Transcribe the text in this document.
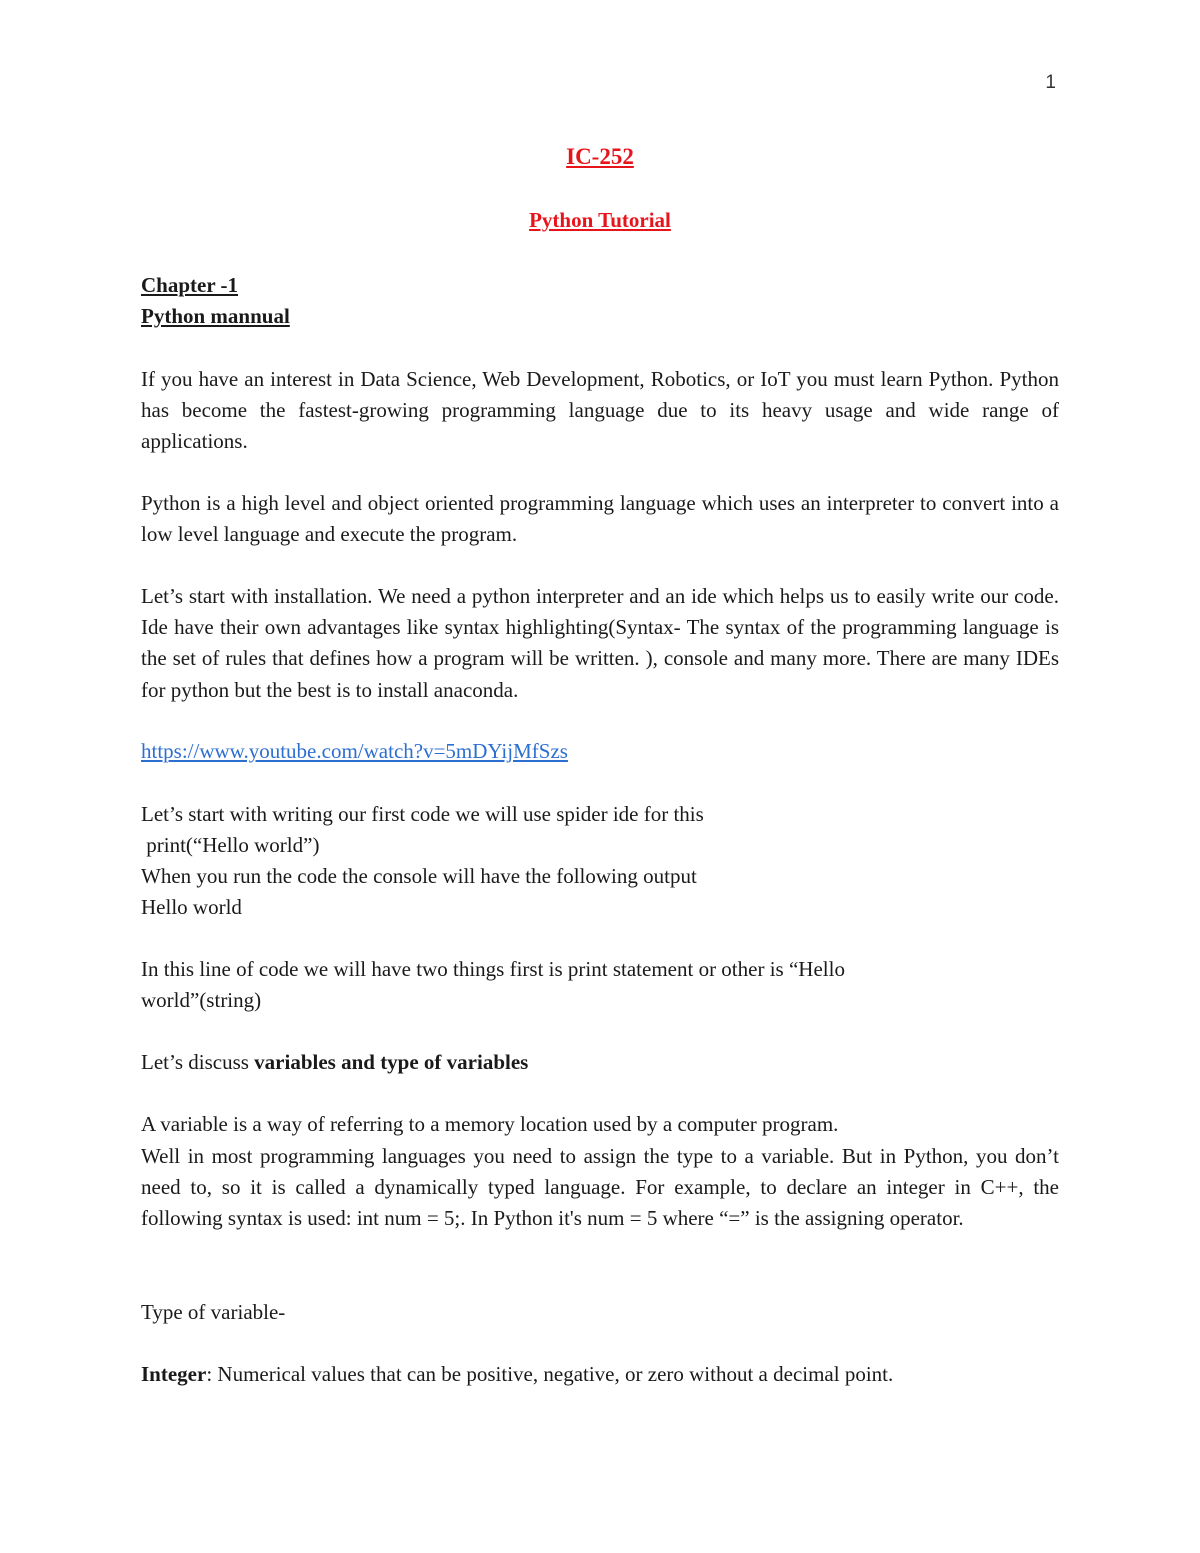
1
IC-252
Python Tutorial
Chapter -1
Python mannual
If you have an interest in Data Science, Web Development, Robotics, or IoT you must learn Python. Python has become the fastest-growing programming language due to its heavy usage and wide range of applications.
Python is a high level and object oriented programming language which uses an interpreter to convert into a low level language and execute the program.
Let’s start with installation. We need a python interpreter and an ide which helps us to easily write our code. Ide have their own advantages like syntax highlighting(Syntax- The syntax of the programming language is the set of rules that defines how a program will be written. ), console and many more. There are many IDEs for python but the best is to install anaconda.
https://www.youtube.com/watch?v=5mDYijMfSzs
Let’s start with writing our first code we will use spider ide for this
print(“Hello world”)
When you run the code the console will have the following output
Hello world
In this line of code we will have two things first is print statement or other is “Hello
world”(string)
Let’s discuss variables and type of variables
A variable is a way of referring to a memory location used by a computer program.
Well in most programming languages you need to assign the type to a variable. But in Python, you don’t need to, so it is called a dynamically typed language. For example, to declare an integer in C++, the following syntax is used: int num = 5;. In Python it's num = 5 where “=” is the assigning operator.
Type of variable-
Integer: Numerical values that can be positive, negative, or zero without a decimal point.
